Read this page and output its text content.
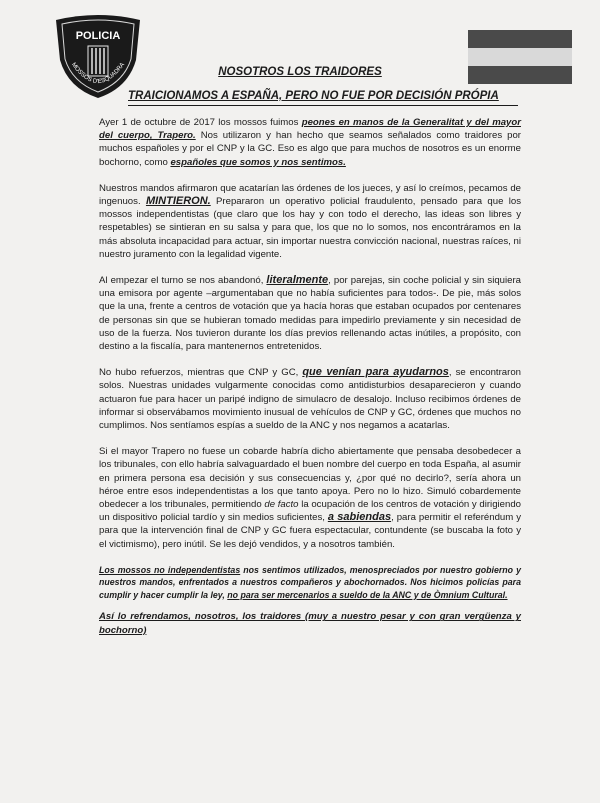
POLICIA
MOSSOS D'ESQUADRA
NOSOTROS LOS TRAIDORES
TRAICIONAMOS A ESPAÑA, PERO NO FUE POR DECISIÓN PRÓPIA

Ayer 1 de octubre de 2017 los mossos fuimos peones en manos de la Generalitat y del mayor del cuerpo, Trapero. Nos utilizaron y han hecho que seamos señalados como traidores por muchos españoles y por el CNP y la GC. Eso es algo que para muchos de nosotros es un enorme bochorno, como españoles que somos y nos sentimos.

Nuestros mandos afirmaron que acatarían las órdenes de los jueces, y así lo creímos, pecamos de ingenuos. MINTIERON. Prepararon un operativo policial fraudulento, pensado para que los mossos independentistas (que claro que los hay y con todo el derecho, las ideas son libres y respetables) se sintieran en su salsa y para que, los que no lo somos, nos encontráramos en la más absoluta incapacidad para actuar, sin importar nuestra convicción nacional, nuestras raíces, ni nuestro juramento con la legalidad vigente.

Al empezar el turno se nos abandonó, literalmente, por parejas, sin coche policial y sin siquiera una emisora por agente –argumentaban que no había suficientes para todos-. De pie, más solos que la una, frente a centros de votación que ya hacía horas que estaban ocupados por centenares de personas sin que se hubieran tomado medidas para impedirlo previamente y sin necesidad de uso de la fuerza. Nos tuvieron durante los días previos rellenando actas inútiles, a propósito, con destino a la fiscalía, para mantenernos entretenidos.

No hubo refuerzos, mientras que CNP y GC, que venían para ayudarnos, se encontraron solos. Nuestras unidades vulgarmente conocidas como antidisturbios desaparecieron y cuando actuaron fue para hacer un paripé indigno de simulacro de desalojo. Incluso recibimos órdenes de informar si observábamos movimiento inusual de vehículos de CNP y GC, órdenes que muchos no cumplimos. Nos sentíamos espías a sueldo de la ANC y nos negamos a acatarlas.

Si el mayor Trapero no fuese un cobarde habría dicho abiertamente que pensaba desobedecer a los tribunales, con ello habría salvaguardado el buen nombre del cuerpo en toda España, al asumir en primera persona esa decisión y sus consecuencias y, ¿por qué no decirlo?, sería ahora un héroe entre esos independentistas a los que tanto apoya. Pero no lo hizo. Simuló cobardemente obedecer a los tribunales, permitiendo de facto la ocupación de los centros de votación y dirigiendo un dispositivo policial tardío y sin medios suficientes, a sabiendas, para permitir el referéndum y para que la intervención final de CNP y GC fuera espectacular, contundente (se buscaba la foto y el victimismo), pero inútil. Se les dejó vendidos, y a nosotros también.

Los mossos no independentistas nos sentimos utilizados, menospreciados por nuestro gobierno y nuestros mandos, enfrentados a nuestros compañeros y abochornados. Nos hicimos policías para cumplir y hacer cumplir la ley, no para ser mercenarios a sueldo de la ANC y de Òmnium Cultural.

Así lo refrendamos, nosotros, los traidores (muy a nuestro pesar y con gran vergüenza y bochorno)
